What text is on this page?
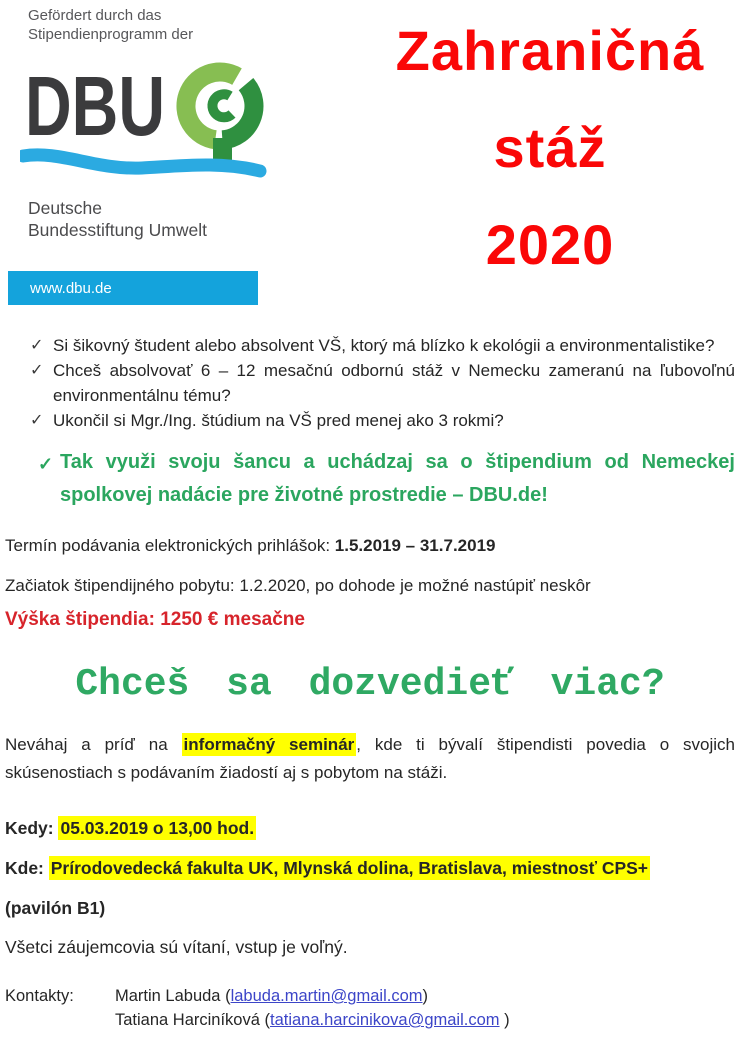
Gefördert durch das
Stipendienprogramm der
DBU
Deutsche
Bundesstiftung Umwelt
www.dbu.de
Zahraničná
stáž
2020
✓ Si šikovný študent alebo absolvent VŠ, ktorý má blízko k ekológii a environmentalistike?
✓ Chceš absolvovať 6 – 12 mesačnú odbornú stáž v Nemecku zameranú na ľubovoľnú environmentálnu tému?
✓ Ukončil si Mgr./Ing. štúdium na VŠ pred menej ako 3 rokmi?
✓ Tak využi svoju šancu a uchádzaj sa o štipendium od Nemeckej spolkovej nadácie pre životné prostredie – DBU.de!
Termín podávania elektronických prihlášok: 1.5.2019 – 31.7.2019
Začiatok štipendijného pobytu: 1.2.2020, po dohode je možné nastúpiť neskôr
Výška štipendia: 1250 € mesačne
Chceš sa dozvedieť viac?
Neváhaj a príď na informačný seminár , kde ti bývalí štipendisti povedia o svojich skúsenostiach s podávaním žiadostí aj s pobytom na stáži.
Kedy: 05.03.2019 o 13,00 hod.
Kde: Prírodovedecká fakulta UK, Mlynská dolina, Bratislava, miestnosť CPS+
(pavilón B1)
Všetci záujemcovia sú vítaní, vstup je voľný.
Kontakty:	Martin Labuda (labuda.martin@gmail.com)
Tatiana Harciníková (tatiana.harcinikova@gmail.com )
